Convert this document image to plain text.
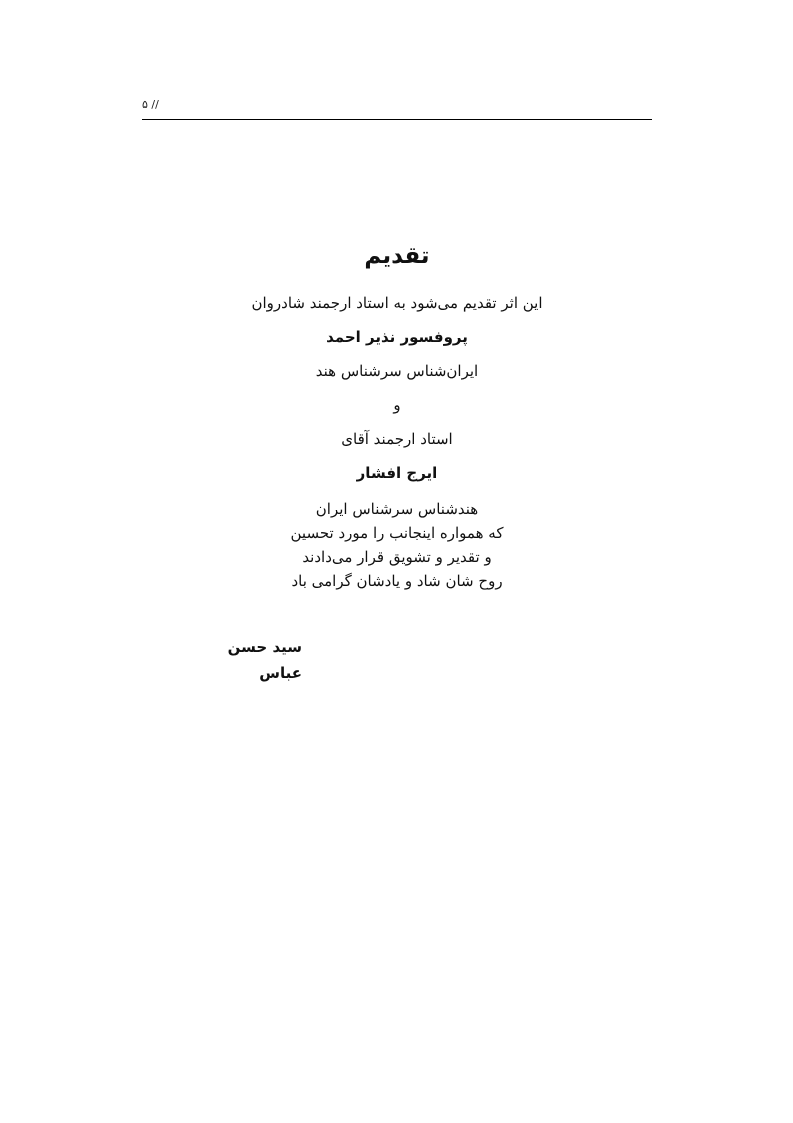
۵ //
تقدیم

این اثر تقدیم می‌شود به استاد ارجمند شادروان

پروفسور نذیر احمد

ایران‌شناس سرشناس هند

و

استاد ارجمند آقای

ایرج افشار

هندشناس سرشناس ایران

که همواره اینجانب را مورد تحسین

و تقدیر و تشویق قرار می‌دادند

روح شان شاد و یادشان گرامی باد

سید حسن عباس
